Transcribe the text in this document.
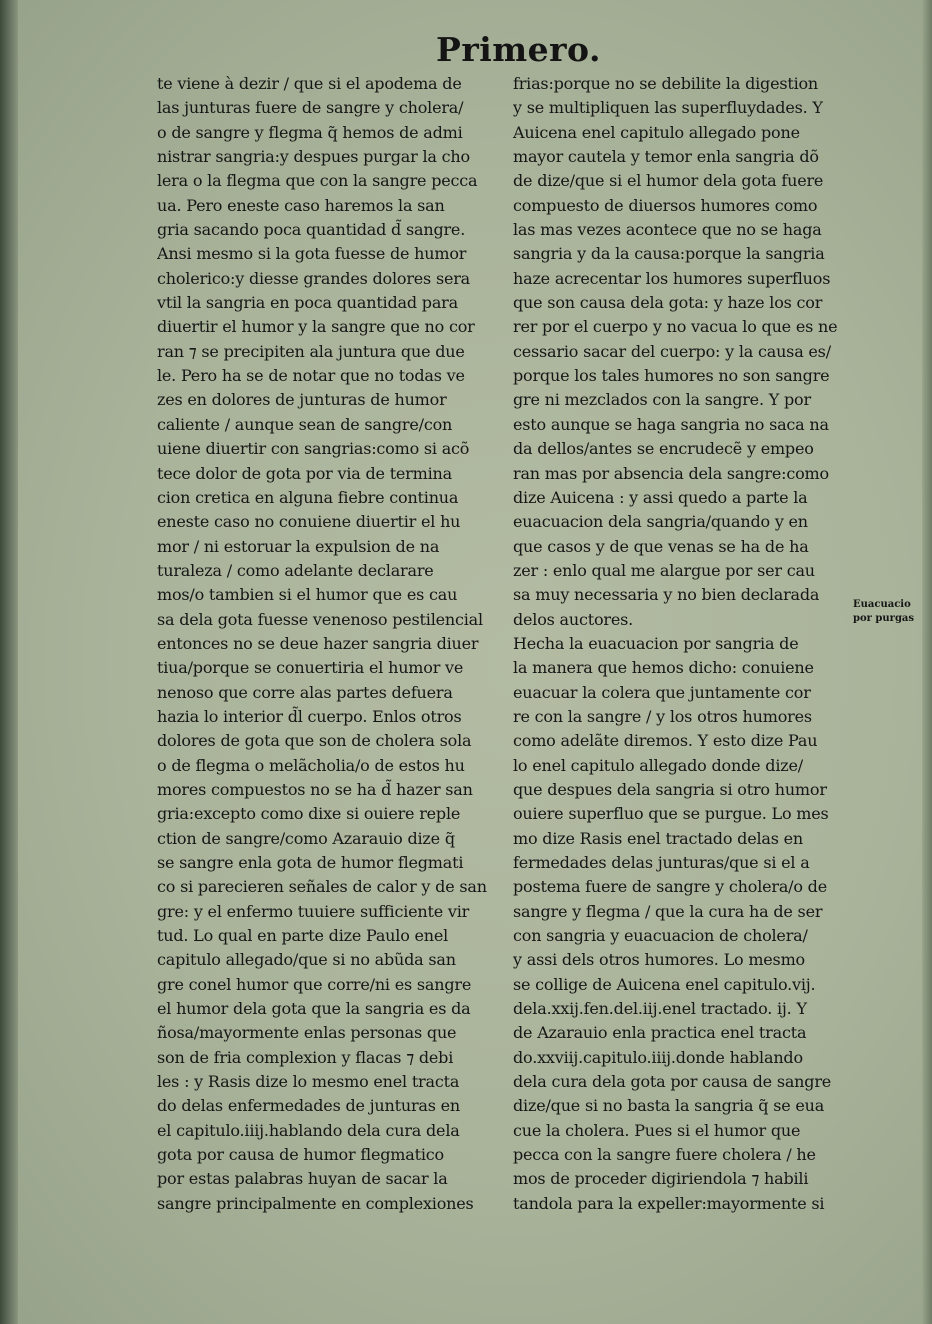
Primero.
te viene à dezir / que si el apodema de
las junturas fuere de sangre y cholera/
o de sangre y flegma q̃ hemos de admi
nistrar sangria:y despues purgar la cho
lera o la flegma que con la sangre pecca
ua. Pero eneste caso haremos la san
gria sacando poca quantidad d̃ sangre.
Ansi mesmo si la gota fuesse de humor
cholerico:y diesse grandes dolores sera
vtil la sangria en poca quantidad para
diuertir el humor y la sangre que no cor
ran ⁊ se precipiten ala juntura que due
le. Pero ha se de notar que no todas ve
zes en dolores de junturas de humor
caliente / aunque sean de sangre/con
uiene diuertir con sangrias:como si acõ
tece dolor de gota por via de termina
cion cretica en alguna fiebre continua
eneste caso no conuiene diuertir el hu
mor / ni estoruar la expulsion de na
turaleza / como adelante declarare
mos/o tambien si el humor que es cau
sa dela gota fuesse venenoso pestilencial
entonces no se deue hazer sangria diuer
tiua/porque se conuertiria el humor ve
nenoso que corre alas partes defuera
hazia lo interior d̃l cuerpo. Enlos otros
dolores de gota que son de cholera sola
o de flegma o melãcholia/o de estos hu
mores compuestos no se ha d̃ hazer san
gria:excepto como dixe si ouiere reple
ction de sangre/como Azarauio dize q̃
se sangre enla gota de humor flegmati
co si parecieren señales de calor y de san
gre: y el enfermo tuuiere sufficiente vir
tud. Lo qual en parte dize Paulo enel
capitulo allegado/que si no abũda san
gre conel humor que corre/ni es sangre
el humor dela gota que la sangria es da
ñosa/mayormente enlas personas que
son de fria complexion y flacas ⁊ debi
les : y Rasis dize lo mesmo enel tracta
do delas enfermedades de junturas en
el capitulo.iiij.hablando dela cura dela
gota por causa de humor flegmatico
por estas palabras huyan de sacar la
sangre principalmente en complexiones
frias:porque no se debilite la digestion
y se multipliquen las superfluydades. Y
Auicena enel capitulo allegado pone
mayor cautela y temor enla sangria dõ
de dize/que si el humor dela gota fuere
compuesto de diuersos humores como
las mas vezes acontece que no se haga
sangria y da la causa:porque la sangria
haze acrecentar los humores superfluos
que son causa dela gota: y haze los cor
rer por el cuerpo y no vacua lo que es ne
cessario sacar del cuerpo: y la causa es/
porque los tales humores no son sangre
gre ni mezclados con la sangre. Y por
esto aunque se haga sangria no saca na
da dellos/antes se encrudecẽ y empeo
ran mas por absencia dela sangre:como
dize Auicena : y assi quedo a parte la
euacuacion dela sangria/quando y en
que casos y de que venas se ha de ha
zer : enlo qual me alargue por ser cau
sa muy necessaria y no bien declarada
delos auctores.
Hecha la euacuacion por sangria de
la manera que hemos dicho: conuiene
euacuar la colera que juntamente cor
re con la sangre / y los otros humores
como adelãte diremos. Y esto dize Pau
lo enel capitulo allegado donde dize/
que despues dela sangria si otro humor
ouiere superfluo que se purgue. Lo mes
mo dize Rasis enel tractado delas en
fermedades delas junturas/que si el a
postema fuere de sangre y cholera/o de
sangre y flegma / que la cura ha de ser
con sangria y euacuacion de cholera/
y assi dels otros humores. Lo mesmo
se collige de Auicena enel capitulo.vij.
dela.xxij.fen.del.iij.enel tractado. ij. Y
de Azarauio enla practica enel tracta
do.xxviij.capitulo.iiij.donde hablando
dela cura dela gota por causa de sangre
dize/que si no basta la sangria q̃ se eua
cue la cholera. Pues si el humor que
pecca con la sangre fuere cholera / he
mos de proceder digiriendola ⁊ habili
tandola para la expeller:mayormente si
Euacuacio
por purgas
